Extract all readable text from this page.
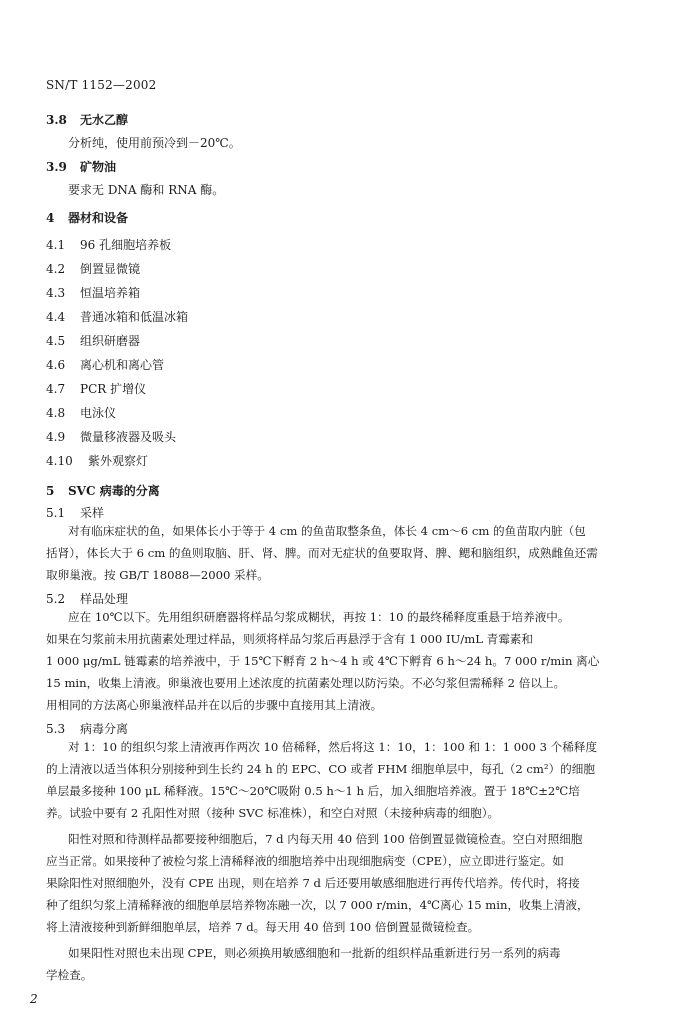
SN/T 1152—2002
3.8 无水乙醇
分析纯，使用前预冷到－20℃。
3.9 矿物油
要求无 DNA 酶和 RNA 酶。
4 器材和设备
4.1 96 孔细胞培养板
4.2 倒置显微镜
4.3 恒温培养箱
4.4 普通冰箱和低温冰箱
4.5 组织研磨器
4.6 离心机和离心管
4.7 PCR 扩增仪
4.8 电泳仪
4.9 微量移液器及吸头
4.10 紫外观察灯
5 SVC 病毒的分离
5.1 采样
对有临床症状的鱼，如果体长小于等于 4 cm 的鱼苗取整条鱼，体长 4 cm～6 cm 的鱼苗取内脏（包
括肾），体长大于 6 cm 的鱼则取脑、肝、肾、脾。而对无症状的鱼要取肾、脾、鳃和脑组织，成熟雌鱼还需
取卵巢液。按 GB/T 18088—2000 采样。
5.2 样品处理
应在 10℃以下。先用组织研磨器将样品匀浆成糊状，再按 1：10 的最终稀释度重悬于培养液中。
如果在匀浆前未用抗菌素处理过样品，则须将样品匀浆后再悬浮于含有 1 000 IU/mL 青霉素和
1 000 μg/mL 链霉素的培养液中，于 15℃下孵育 2 h～4 h 或 4℃下孵育 6 h～24 h。7 000 r/min 离心
15 min，收集上清液。卵巢液也要用上述浓度的抗菌素处理以防污染。不必匀浆但需稀释 2 倍以上。
用相同的方法离心卵巢液样品并在以后的步骤中直接用其上清液。
5.3 病毒分离
对 1：10 的组织匀浆上清液再作两次 10 倍稀释，然后将这 1：10，1：100 和 1：1 000 3 个稀释度
的上清液以适当体积分别接种到生长约 24 h 的 EPC、CO 或者 FHM 细胞单层中，每孔（2 cm²）的细胞
单层最多接种 100 μL 稀释液。15℃～20℃吸附 0.5 h～1 h 后，加入细胞培养液。置于 18℃±2℃培
养。试验中要有 2 孔阳性对照（接种 SVC 标准株），和空白对照（未接种病毒的细胞）。
阳性对照和待测样品都要接种细胞后，7 d 内每天用 40 倍到 100 倍倒置显微镜检查。空白对照细胞
应当正常。如果接种了被检匀浆上清稀释液的细胞培养中出现细胞病变（CPE），应立即进行鉴定。如
果除阳性对照细胞外，没有 CPE 出现，则在培养 7 d 后还要用敏感细胞进行再传代培养。传代时，将接
种了组织匀浆上清稀释液的细胞单层培养物冻融一次，以 7 000 r/min，4℃离心 15 min，收集上清液，
将上清液接种到新鲜细胞单层，培养 7 d。每天用 40 倍到 100 倍倒置显微镜检查。
如果阳性对照也未出现 CPE，则必须换用敏感细胞和一批新的组织样品重新进行另一系列的病毒
2
学检查。
